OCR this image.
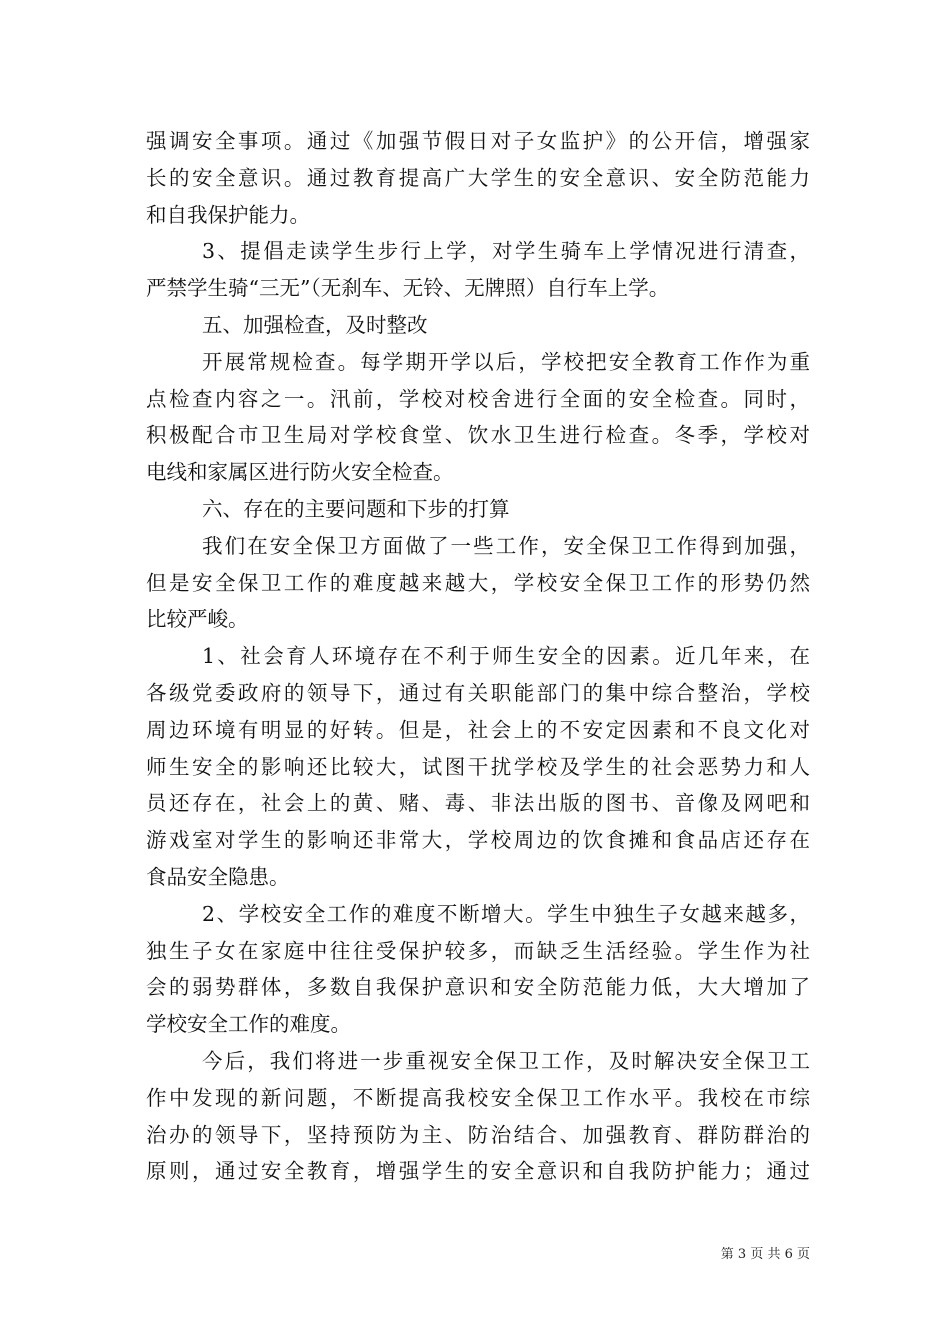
强调安全事项。通过《加强节假日对子女监护》的公开信，增强家
长的安全意识。通过教育提高广大学生的安全意识、安全防范能力
和自我保护能力。
3、提倡走读学生步行上学，对学生骑车上学情况进行清查，
严禁学生骑“三无”（无刹车、无铃、无牌照）自行车上学。
五、加强检查，及时整改
开展常规检查。每学期开学以后，学校把安全教育工作作为重
点检查内容之一。汛前，学校对校舍进行全面的安全检查。同时，
积极配合市卫生局对学校食堂、饮水卫生进行检查。冬季，学校对
电线和家属区进行防火安全检查。
六、存在的主要问题和下步的打算
我们在安全保卫方面做了一些工作，安全保卫工作得到加强，
但是安全保卫工作的难度越来越大，学校安全保卫工作的形势仍然
比较严峻。
1、社会育人环境存在不利于师生安全的因素。近几年来，在
各级党委政府的领导下，通过有关职能部门的集中综合整治，学校
周边环境有明显的好转。但是，社会上的不安定因素和不良文化对
师生安全的影响还比较大，试图干扰学校及学生的社会恶势力和人
员还存在，社会上的黄、赌、毒、非法出版的图书、音像及网吧和
游戏室对学生的影响还非常大，学校周边的饮食摊和食品店还存在
食品安全隐患。
2、学校安全工作的难度不断增大。学生中独生子女越来越多，
独生子女在家庭中往往受保护较多，而缺乏生活经验。学生作为社
会的弱势群体，多数自我保护意识和安全防范能力低，大大增加了
学校安全工作的难度。
今后，我们将进一步重视安全保卫工作，及时解决安全保卫工
作中发现的新问题，不断提高我校安全保卫工作水平。我校在市综
治办的领导下，坚持预防为主、防治结合、加强教育、群防群治的
原则，通过安全教育，增强学生的安全意识和自我防护能力；通过
第 3 页 共 6 页
